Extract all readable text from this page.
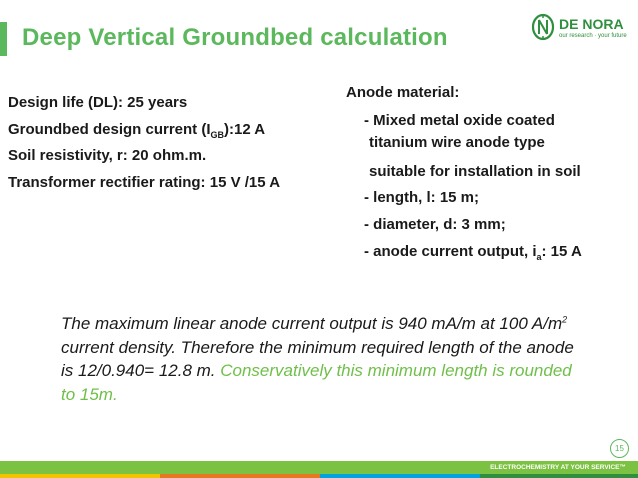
Deep Vertical Groundbed calculation	DE NORA
our research · your future
Design life (DL): 25 years
Groundbed design current $(I_{GB}):12$ A
Soil resistivity, r: 20 ohm.m.
Transformer rectifier rating: 15 V /15 A
Anode material:
- Mixed metal oxide coated
titanium wire anode type
suitable for installation in soil
- length, l: 15 m;
- diameter, d: 3 mm;
- anode current output, $i_a$: 15 A
The maximum linear anode current output is 940 mA/m at 100 $A/m^2$ current density. Therefore the minimum required length of the anode is 12/0.940= 12.8 m. Conservatively this minimum length is rounded to 15m.
15
ELECTROCHEMISTRY AT YOUR SERVICE™
